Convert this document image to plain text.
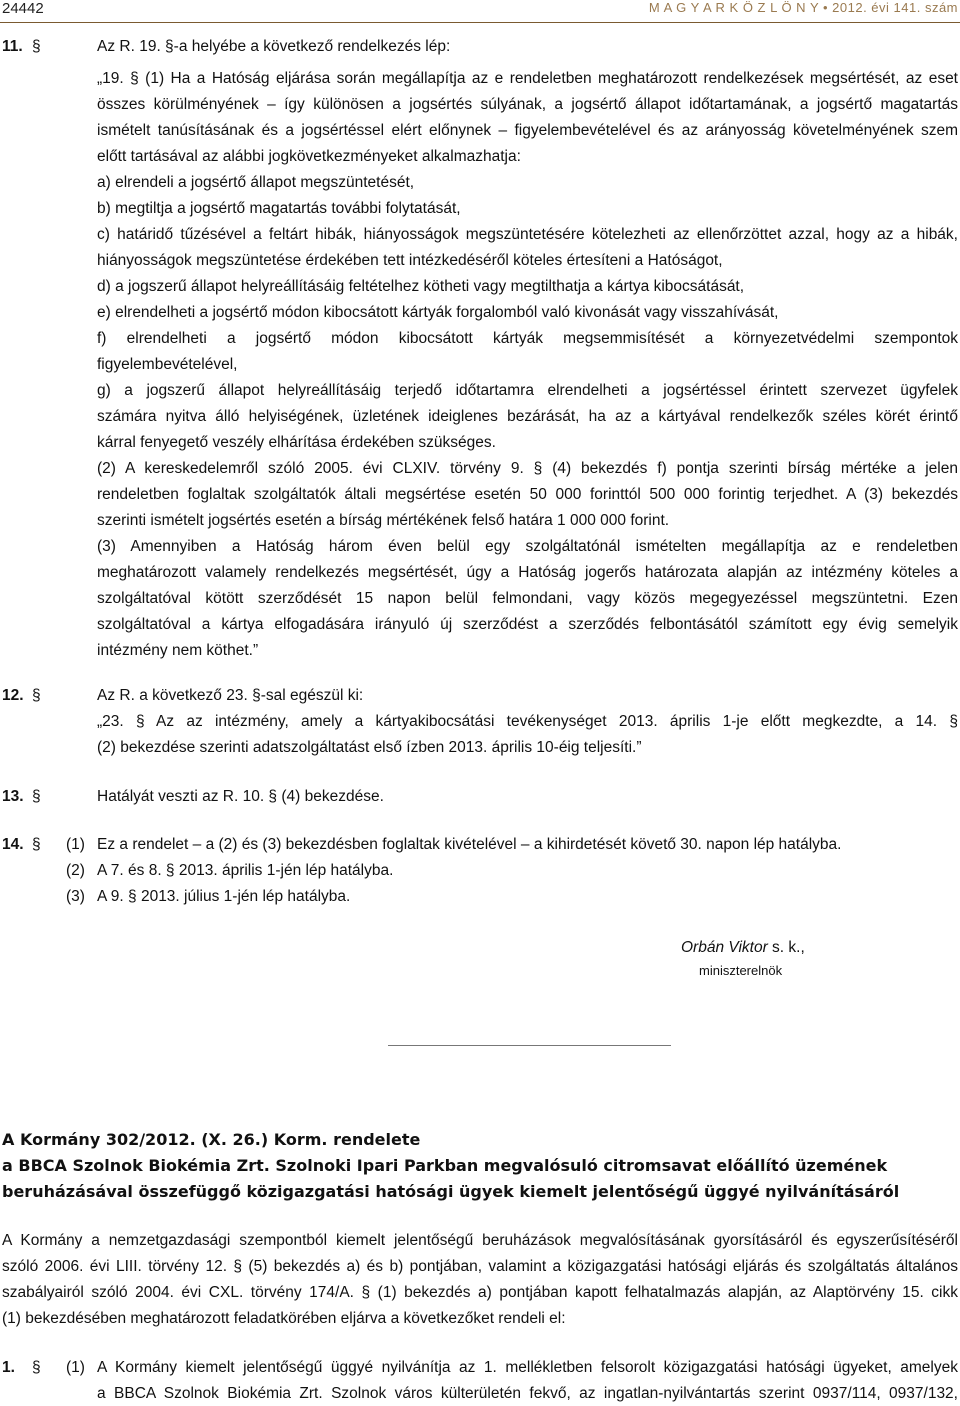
24442	M A G Y A R K Ö Z L Ö N Y • 2012. évi 141. szám
11. §	Az R. 19. §-a helyébe a következő rendelkezés lép:
„19. § (1) Ha a Hatóság eljárása során megállapítja az e rendeletben meghatározott rendelkezések megsértését, az eset
összes körülményének – így különösen a jogsértés súlyának, a jogsértő állapot időtartamának, a jogsértő magatartás
ismételt tanúsításának és a jogsértéssel elért előnynek – figyelembevételével és az arányosság követelményének szem
előtt tartásával az alábbi jogkövetkezményeket alkalmazhatja:
a) elrendeli a jogsértő állapot megszüntetését,
b) megtiltja a jogsértő magatartás további folytatását,
c) határidő tűzésével a feltárt hibák, hiányosságok megszüntetésére kötelezheti az ellenőrzöttet azzal, hogy az a hibák,
hiányosságok megszüntetése érdekében tett intézkedéséről köteles értesíteni a Hatóságot,
d) a jogszerű állapot helyreállításáig feltételhez kötheti vagy megtilthatja a kártya kibocsátását,
e) elrendelheti a jogsértő módon kibocsátott kártyák forgalomból való kivonását vagy visszahívását,
f) elrendelheti a jogsértő módon kibocsátott kártyák megsemmisítését a környezetvédelmi szempontok
figyelembevételével,
g) a jogszerű állapot helyreállításáig terjedő időtartamra elrendelheti a jogsértéssel érintett szervezet ügyfelek
számára nyitva álló helyiségének, üzletének ideiglenes bezárását, ha az a kártyával rendelkezők széles körét érintő
kárral fenyegető veszély elhárítása érdekében szükséges.
(2) A kereskedelemről szóló 2005. évi CLXIV. törvény 9. § (4) bekezdés f) pontja szerinti bírság mértéke a jelen
rendeletben foglaltak szolgáltatók általi megsértése esetén 50 000 forinttól 500 000 forintig terjedhet. A (3) bekezdés
szerinti ismételt jogsértés esetén a bírság mértékének felső határa 1 000 000 forint.
(3) Amennyiben a Hatóság három éven belül egy szolgáltatónál ismételten megállapítja az e rendeletben
meghatározott valamely rendelkezés megsértését, úgy a Hatóság jogerős határozata alapján az intézmény köteles a
szolgáltatóval kötött szerződését 15 napon belül felmondani, vagy közös megegyezéssel megszüntetni. Ezen
szolgáltatóval a kártya elfogadására irányuló új szerződést a szerződés felbontásától számított egy évig semelyik
intézmény nem köthet.”
12. §	Az R. a következő 23. §-sal egészül ki:
„23. § Az az intézmény, amely a kártyakibocsátási tevékenységet 2013. április 1-je előtt megkezdte, a 14. §
(2) bekezdése szerinti adatszolgáltatást első ízben 2013. április 10-éig teljesíti.”
13. §	Hatályát veszti az R. 10. § (4) bekezdése.
14. § (1) Ez a rendelet – a (2) és (3) bekezdésben foglaltak kivételével – a kihirdetését követő 30. napon lép hatályba.
(2) A 7. és 8. § 2013. április 1-jén lép hatályba.
(3) A 9. § 2013. július 1-jén lép hatályba.
Orbán Viktor s. k.,
miniszterelnök
A Kormány 302/2012. (X. 26.) Korm. rendelete
a BBCA Szolnok Biokémia Zrt. Szolnoki Ipari Parkban megvalósuló citromsavat előállító üzemének
beruházásával összefüggő közigazgatási hatósági ügyek kiemelt jelentőségű üggyé nyilvánításáról
A Kormány a nemzetgazdasági szempontból kiemelt jelentőségű beruházások megvalósításának gyorsításáról és egyszerűsítéséről
szóló 2006. évi LIII. törvény 12. § (5) bekezdés a) és b) pontjában, valamint a közigazgatási hatósági eljárás és szolgáltatás általános
szabályairól szóló 2004. évi CXL. törvény 174/A. § (1) bekezdés a) pontjában kapott felhatalmazás alapján, az Alaptörvény 15. cikk
(1) bekezdésében meghatározott feladatkörében eljárva a következőket rendeli el:
1. § (1) A Kormány kiemelt jelentőségű üggyé nyilvánítja az 1. mellékletben felsorolt közigazgatási hatósági ügyeket, amelyek
a BBCA Szolnok Biokémia Zrt. Szolnok város külterületén fekvő, az ingatlan-nyilvántartás szerint 0937/114, 0937/132,
